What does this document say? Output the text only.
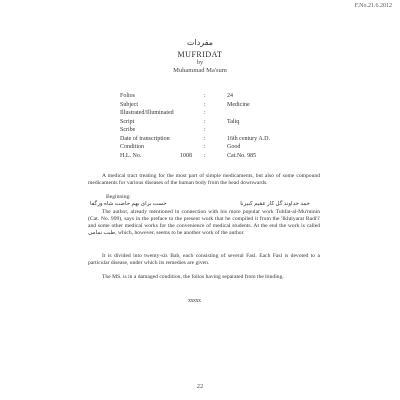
F.No.21.6.2012
مفردات
MUFRIDAT
by
Muhammad Ma'sum
Folios	:	24
Subject	:	Medicine
Illustrated/Illuminated	:
Script	:	Taliq
Scribe	:
Date of transcription	:	16th century A.D.
Condition	:	Good
H.L. No.	1008	:	Cat.No. 985
A medical tract treating for the most part of simple medicaments, but also of some compound medicaments for various diseases of the human body from the head downwards.
Beginning:
حمد خداوند گل کار عقیم کبیرنا
حست برای بهم حاصت شاه ورگفا
The author, already mentioned in connection with his more popular work Tuhfat-al-Mu'minin (Cat. No. 999), says in the preface to the present work that he compiled it from the 'Ikhtiyarat Badi'i' and some other medical works for the convenience of medical students. At the end the work is called طبب نمامی, which, however, seems to be another work of the author.
It is divided into twenty-six Bab, each consisting of several Fasl. Each Fasl is devoted to a particular disease, under which its remedies are given.
The MS. is in a damaged condition, the folios having separated from the binding.
xxxxx
22
